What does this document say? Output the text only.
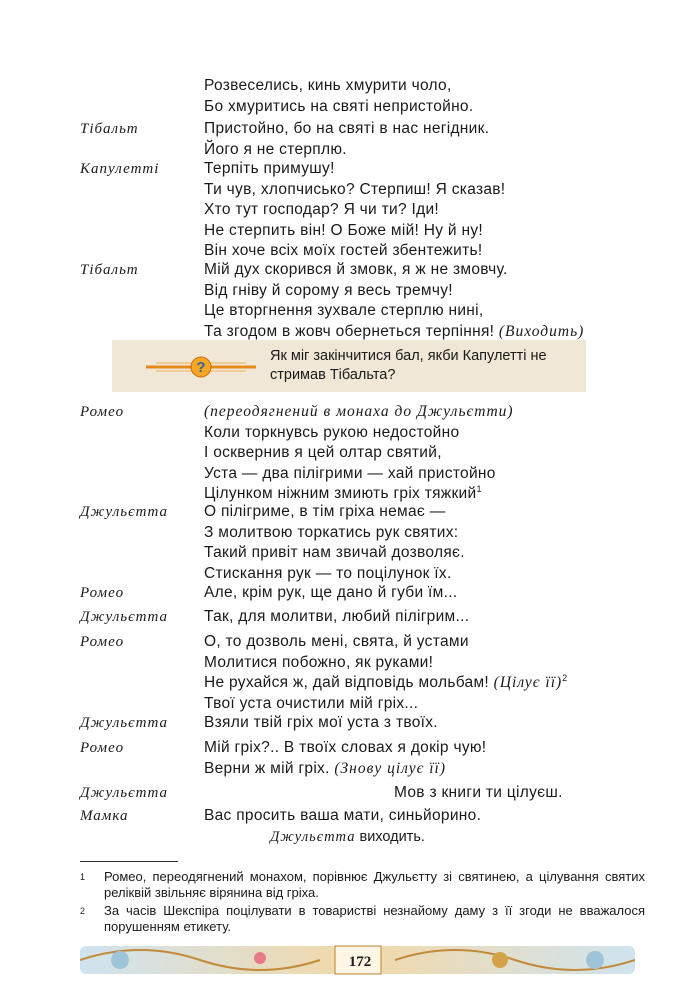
Розвеселись, кинь хмурити чоло,
Бо хмуритись на святі непристойно.
Тібальт	Пристойно, бо на святі в нас негідник.
Його я не стерплю.
Капулетті	Терпіть примушу!
Ти чув, хлопчисько? Стерпиш! Я сказав!
Хто тут господар? Я чи ти? Іди!
Не стерпить він! О Боже мій! Ну й ну!
Він хоче всіх моїх гостей збентежить!
Тібальт	Мій дух скорився й змовк, я ж не змовчу.
Від гніву й сорому я весь тремчу!
Це вторгнення зухвале стерплю нині,
Та згодом в жовч обернеться терпіння! (Виходить)
?
Як міг закінчитися бал, якби Капулетті не
стримав Тібальта?
Ромео	(переодягнений в монаха до Джульєтти)
Коли торкнувсь рукою недостойно
І осквернив я цей олтар святий,
Уста — два пілігрими — хай пристойно
Цілунком ніжним змиють гріх тяжкий$^1$
Джульєтта О пілігриме, в тім гріха немає —
З молитвою торкатись рук святих:
Такий привіт нам звичай дозволяє.
Стискання рук — то поцілунок їх.
Ромео	Але, крім рук, ще дано й губи їм...
Джульєтта Так, для молитви, любий пілігрим...
Ромео	О, то дозволь мені, свята, й устами
Молитися побожно, як руками!
Не рухайся ж, дай відповідь мольбам! (Цілує її)$^2$
Твої уста очистили мій гріх...
Джульєтта Взяли твій гріх мої уста з твоїх.
Ромео	Мій гріх?.. В твоїх словах я докір чую!
Верни ж мій гріх. (Знову цілує її)
Джульєтта	Мов з книги ти цілуєш.
Мамка	Вас просить ваша мати, синьйорино.
Джульєтта виходить.
1 Ромео, переодягнений монахом, порівнює Джульєтту зі святинею, а цілування святих реліквій звільняє вірянина від гріха.
2 За часів Шекспіра поцілувати в товаристві незнайому даму з її згоди не вважалося порушенням етикету.
172
